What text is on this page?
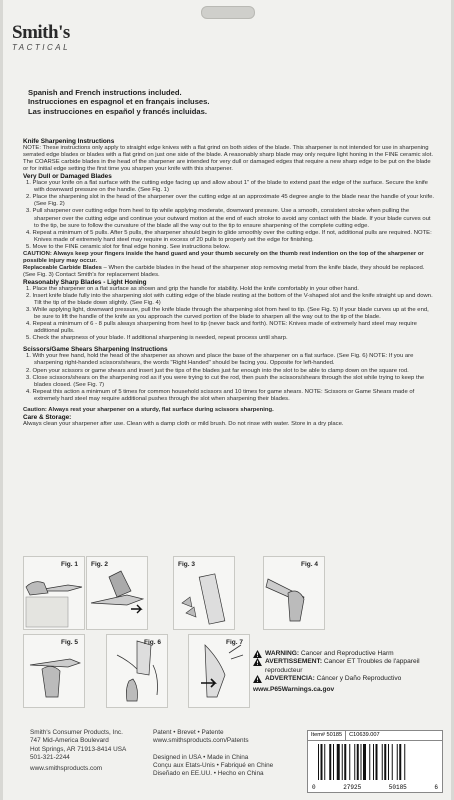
Smith's
TACTICAL
Spanish and French instructions included.
Instrucciones en espagnol et en français incluses.
Las instrucciones en español y francés incluidas.

Knife Sharpening Instructions

NOTE: These instructions only apply to straight edge knives with a flat grind on both sides of the blade. This sharpener is not intended for use in sharpening serrated edge blades or blades with a flat grind on just one side of the blade. A reasonably sharp blade may only require light honing in the FINE ceramic slot. The COARSE carbide blades in the head of the sharpener are intended for very dull or damaged edges that require a new sharp edge to be put on the blade or for initial edge setting the first time you sharpen your knife with this sharpener.

Very Dull or Damaged Blades

1. Place your knife on a flat surface with the cutting edge facing up and allow about 1" of the blade to extend past the edge of the surface. Secure the knife with downward pressure on the handle. (See Fig. 1)

2. Place the sharpening slot in the head of the sharpener over the cutting edge at an approximate 45 degree angle to the blade near the handle of your knife. (See Fig. 2)

3. Pull sharpener over cutting edge from heel to tip while applying moderate, downward pressure. Use a smooth, consistent stroke when pulling the sharpener over the cutting edge and continue your outward motion at the end of each stroke to avoid any contact with the blade. If your blade curves out to the tip, be sure to follow the curvature of the blade all the way out to the tip to ensure sharpening of the complete cutting edge.

4. Repeat a minimum of 5 pulls. After 5 pulls, the sharpener should begin to glide smoothly over the cutting edge. If not, additional pulls are required. NOTE: Knives made of extremely hard steel may require in excess of 20 pulls to properly set the edge for finishing.

5. Move to the FINE ceramic slot for final edge honing. See instructions below.

CAUTION: Always keep your fingers inside the hand guard and your thumb securely on the thumb rest indention on the top of the sharpener or possible injury may occur.

Replaceable Carbide Blades – When the carbide blades in the head of the sharpener stop removing metal from the knife blade, they should be replaced. (See Fig. 3) Contact Smith's for replacement blades.

Reasonably Sharp Blades - Light Honing

1. Place the sharpener on a flat surface as shown and grip the handle for stability. Hold the knife comfortably in your other hand.

2. Insert knife blade fully into the sharpening slot with cutting edge of the blade resting at the bottom of the V-shaped slot and the knife straight up and down. Tilt the tip of the blade down slightly. (See Fig. 4)

3. While applying light, downward pressure, pull the knife blade through the sharpening slot from heel to tip. (See Fig. 5) If your blade curves up at the end, be sure to lift the handle of the knife as you approach the curved portion of the blade to sharpen all the way out to the tip of the blade.

4. Repeat a minimum of 6 - 8 pulls always sharpening from heel to tip (never back and forth). NOTE: Knives made of extremely hard steel may require additional pulls.

5. Check the sharpness of your blade. If additional sharpening is needed, repeat process until sharp.

Scissors/Game Shears Sharpening Instructions

1. With your free hand, hold the head of the sharpener as shown and place the base of the sharpener on a flat surface. (See Fig. 6) NOTE: If you are sharpening right-handed scissors/shears, the words "Right Handed" should be facing you. Opposite for left-handed.

2. Open your scissors or game shears and insert just the tips of the blades just far enough into the slot to be able to clamp down on the square rod.

3. Close scissors/shears on the sharpening rod as if you were trying to cut the rod, then push the scissors/shears through the slot while trying to keep the blades closed. (See Fig. 7)

4. Repeat this action a minimum of 5 times for common household scissors and 10 times for game shears. NOTE: Scissors or Game Shears made of extremely hard steel may require additional pushes through the slot when sharpening their blades.

Caution: Always rest your sharpener on a sturdy, flat surface during scissors sharpening.

Care & Storage:

Always clean your sharpener after use. Clean with a damp cloth or mild brush. Do not rinse with water. Store in a dry place.

Fig. 1 Fig. 2	Fig. 3	Fig. 4
Fig. 5	Fig. 6	Fig. 7
WARNING: Cancer and Reproductive Harm
AVERTISSEMENT: Cancer ET Troubles de l'appareil reproducteur
ADVERTENCIA: Cáncer y Daño Reproductivo
www.P65Warnings.ca.gov
Smith's Consumer Products, Inc.
747 Mid-America Boulevard
Hot Springs, AR 71913-8414 USA
501-321-2244
www.smithsproducts.com
Patent • Brevet • Patente
www.smithsproducts.com/Patents
Designed in USA • Made in China
Conçu aux Etats-Unis • Fabriqué en Chine
Diseñado en EE.UU. • Hecho en China
Item# 50185	C10639.007
0	27925	50185	6
